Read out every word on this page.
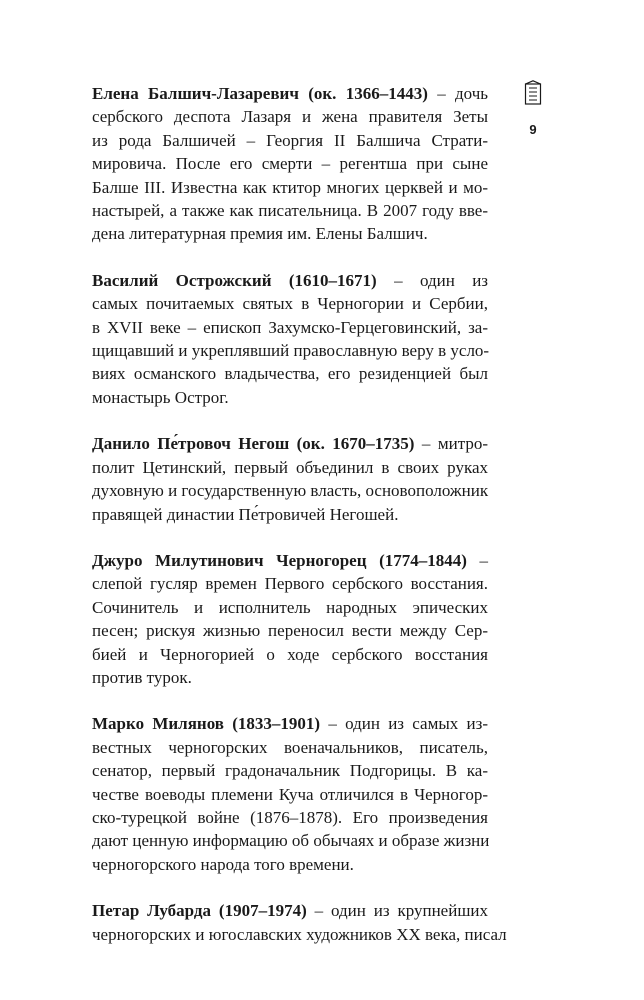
Елена Балшич-Лазаревич (ок. 1366–1443) – дочь
сербского деспота Лазаря и жена правителя Зеты
из рода Балшичей – Георгия II Балшича Страти-
мировича. После его смерти – регентша при сыне
Балше III. Известна как ктитор многих церквей и мо-
настырей, а также как писательница. В 2007 году вве-
дена литературная премия им. Елены Балшич.

Василий Острожский (1610–1671) – один из
самых почитаемых святых в Черногории и Сербии,
в XVII веке – епископ Захумско-Герцеговинский, за-
щищавший и укреплявший православную веру в усло-
виях османского владычества, его резиденцией был
монастырь Острог.

Данило Пе́тровоч Негош (ок. 1670–1735) – митро-
полит Цетинский, первый объединил в своих руках
духовную и государственную власть, основоположник
правящей династии Пе́тровичей Негошей.

Джуро Милутинович Черногорец (1774–1844) –
слепой гусляр времен Первого сербского восстания.
Сочинитель и исполнитель народных эпических
песен; рискуя жизнью переносил вести между Сер-
бией и Черногорией о ходе сербского восстания
против турок.

Марко Милянов (1833–1901) – один из самых из-
вестных черногорских военачальников, писатель,
сенатор, первый градоначальник Подгорицы. В ка-
честве воеводы племени Куча отличился в Черногор-
ско-турецкой войне (1876–1878). Его произведения
дают ценную информацию об обычаях и образе жизни
черногорского народа того времени.

Петар Лубарда (1907–1974) – один из крупнейших
черногорских и югославских художников XX века, писал

9
